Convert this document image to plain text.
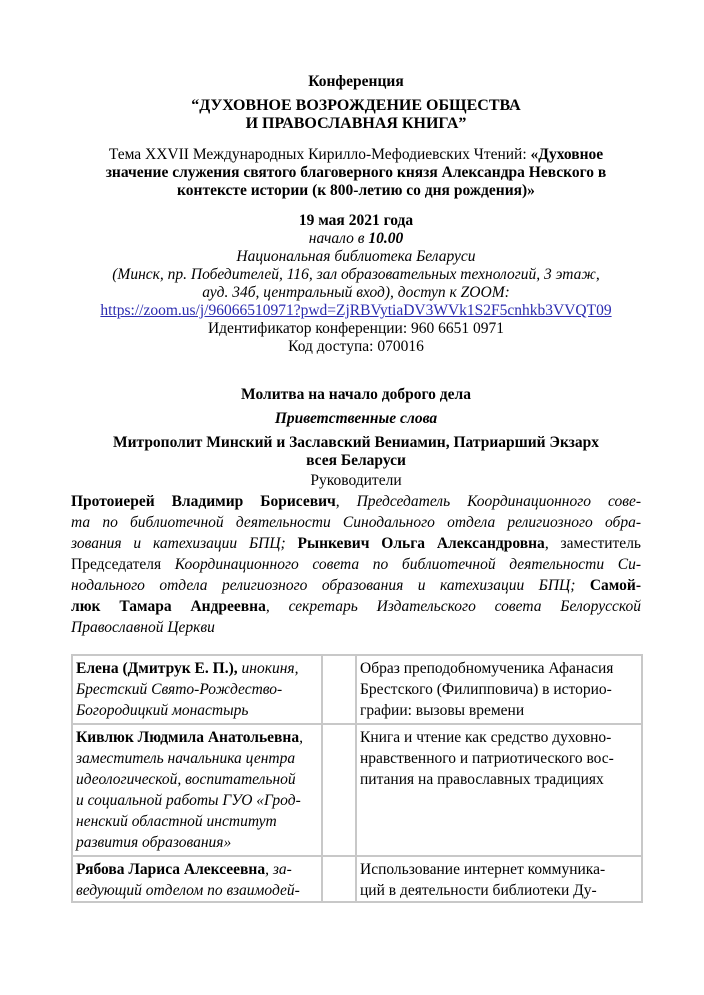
Конференция
“ДУХОВНОЕ ВОЗРОЖДЕНИЕ ОБЩЕСТВА
И ПРАВОСЛАВНАЯ КНИГА”
Тема XXVII Международных Кирилло-Мефодиевских Чтений: «Духовное
значение служения святого благоверного князя Александра Невского в
контексте истории (к 800-летию со дня рождения)»
19 мая 2021 года
начало в 10.00
Национальная библиотека Беларуси
(Минск, пр. Победителей, 116, зал образовательных технологий, 3 этаж,
ауд. 34б, центральный вход), доступ к ZOOM:
https://zoom.us/j/96066510971?pwd=ZjRBVytiaDV3WVk1S2F5cnhkb3VVQT09
Идентификатор конференции: 960 6651 0971
Код доступа: 070016
Молитва на начало доброго дела
Приветственные слова
Митрополит Минский и Заславский Вениамин, Патриарший Экзарх
всея Беларуси
Руководители
Протоиерей Владимир Борисевич, Председатель Координационного сове-
та по библиотечной деятельности Синодального отдела религиозного обра-
зования и катехизации БПЦ; Рынкевич Ольга Александровна, заместитель
Председателя Координационного совета по библиотечной деятельности Си-
нодального отдела религиозного образования и катехизации БПЦ; Самой-
люк Тамара Андреевна, секретарь Издательского совета Белорусской
Православной Церкви
Елена (Дмитрук Е. П.), инокиня,
Брестский Свято-Рождество-
Богородицкий монастырь		Образ преподобномученика Афанасия
Брестского (Филипповича) в историо-
графии: вызовы времени
Кивлюк Людмила Анатольевна,
заместитель начальника центра
идеологической, воспитательной
и социальной работы ГУО «Грод-
ненский областной институт
развития образования»		Книга и чтение как средство духовно-
нравственного и патриотического вос-
питания на православных традициях
Рябова Лариса Алексеевна, за-
ведующий отделом по взаимодей-		Использование интернет коммуника-
ций в деятельности библиотеки Ду-
